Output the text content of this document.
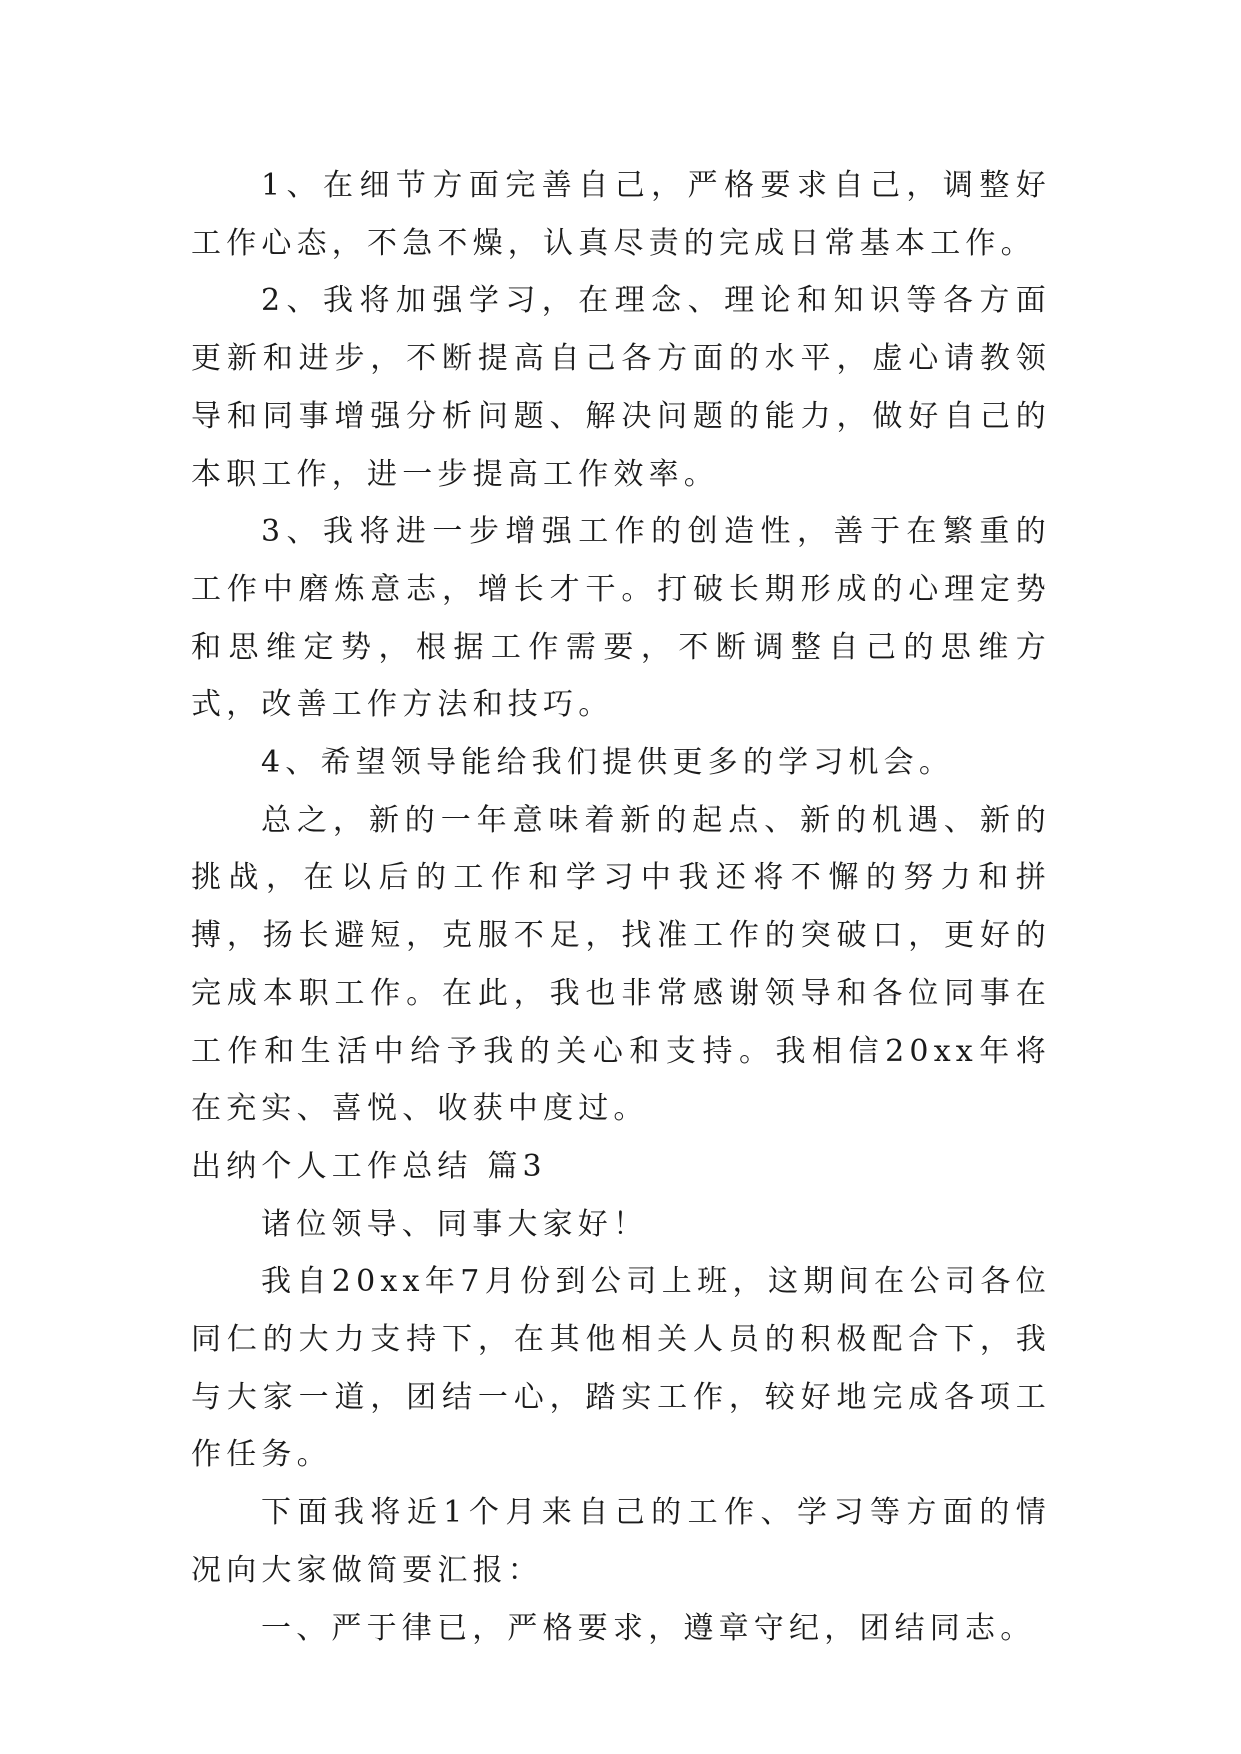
1、在细节方面完善自己，严格要求自己，调整好工作心态，不急不燥，认真尽责的完成日常基本工作。

2、我将加强学习，在理念、理论和知识等各方面更新和进步，不断提高自己各方面的水平，虚心请教领导和同事增强分析问题、解决问题的能力，做好自己的本职工作，进一步提高工作效率。

3、我将进一步增强工作的创造性，善于在繁重的工作中磨炼意志，增长才干。打破长期形成的心理定势和思维定势，根据工作需要，不断调整自己的思维方式，改善工作方法和技巧。

4、希望领导能给我们提供更多的学习机会。

总之，新的一年意味着新的起点、新的机遇、新的挑战，在以后的工作和学习中我还将不懈的努力和拼搏，扬长避短，克服不足，找准工作的突破口，更好的完成本职工作。在此，我也非常感谢领导和各位同事在工作和生活中给予我的关心和支持。我相信20xx年将在充实、喜悦、收获中度过。

出纳个人工作总结 篇3

诸位领导、同事大家好！

我自20xx年7月份到公司上班，这期间在公司各位同仁的大力支持下，在其他相关人员的积极配合下，我与大家一道，团结一心，踏实工作，较好地完成各项工作任务。

下面我将近1个月来自己的工作、学习等方面的情况向大家做简要汇报：

一、严于律已，严格要求，遵章守纪，团结同志。
